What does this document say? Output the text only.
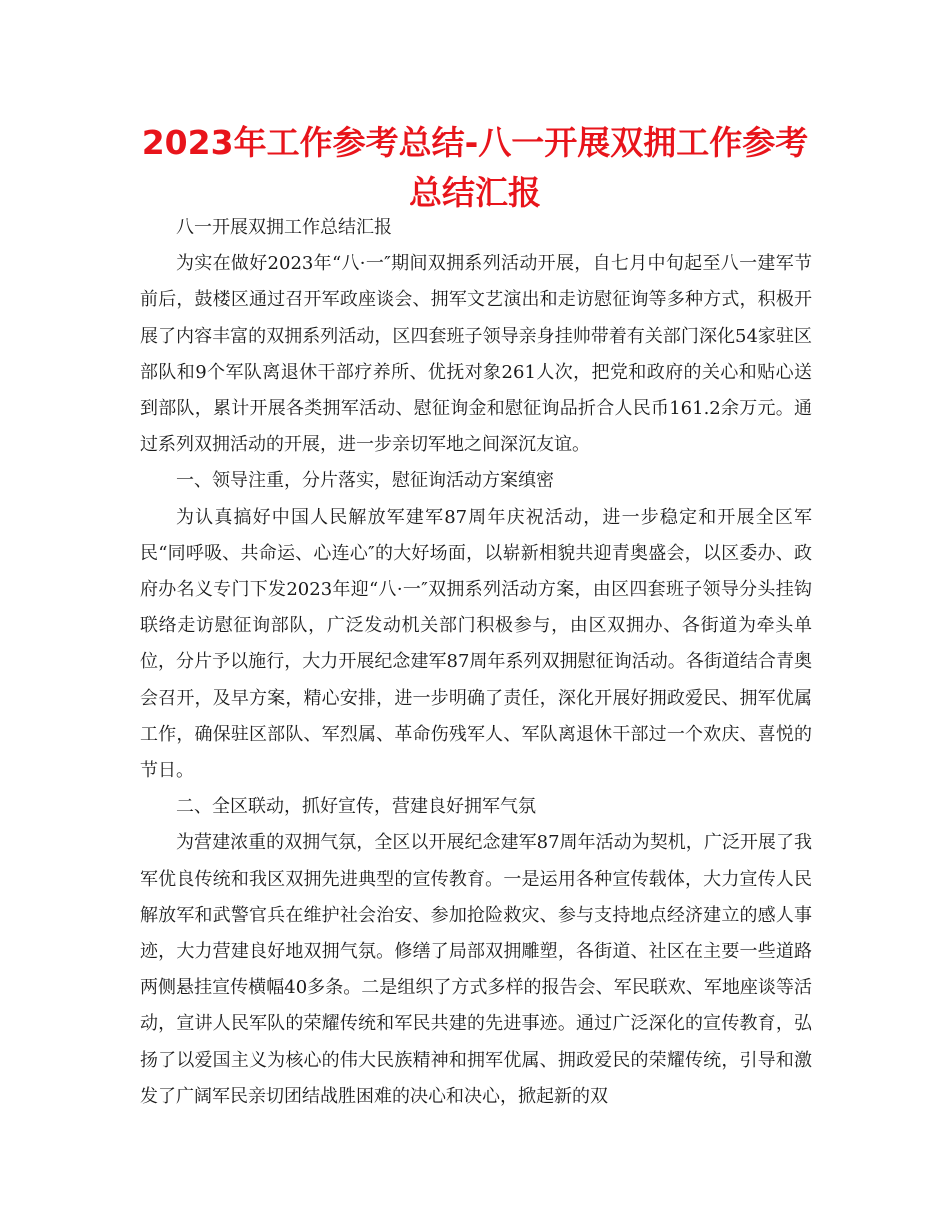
2023年工作参考总结-八一开展双拥工作参考总结汇报

八一开展双拥工作总结汇报

为实在做好2023年“八·一″期间双拥系列活动开展，自七月中旬起至八一建军节前后，鼓楼区通过召开军政座谈会、拥军文艺演出和走访慰征询等多种方式，积极开展了内容丰富的双拥系列活动，区四套班子领导亲身挂帅带着有关部门深化54家驻区部队和9个军队离退休干部疗养所、优抚对象261人次，把党和政府的关心和贴心送到部队，累计开展各类拥军活动、慰征询金和慰征询品折合人民币161.2余万元。通过系列双拥活动的开展，进一步亲切军地之间深沉友谊。

一、领导注重，分片落实，慰征询活动方案缜密

为认真搞好中国人民解放军建军87周年庆祝活动，进一步稳定和开展全区军民“同呼吸、共命运、心连心″的大好场面，以崭新相貌共迎青奥盛会，以区委办、政府办名义专门下发2023年迎“八·一″双拥系列活动方案，由区四套班子领导分头挂钩联络走访慰征询部队，广泛发动机关部门积极参与，由区双拥办、各街道为牵头单位，分片予以施行，大力开展纪念建军87周年系列双拥慰征询活动。各街道结合青奥会召开，及早方案，精心安排，进一步明确了责任，深化开展好拥政爱民、拥军优属工作，确保驻区部队、军烈属、革命伤残军人、军队离退休干部过一个欢庆、喜悦的节日。

二、全区联动，抓好宣传，营建良好拥军气氛

为营建浓重的双拥气氛，全区以开展纪念建军87周年活动为契机，广泛开展了我军优良传统和我区双拥先进典型的宣传教育。一是运用各种宣传载体，大力宣传人民解放军和武警官兵在维护社会治安、参加抢险救灾、参与支持地点经济建立的感人事迹，大力营建良好地双拥气氛。修缮了局部双拥雕塑，各街道、社区在主要一些道路两侧悬挂宣传横幅40多条。二是组织了方式多样的报告会、军民联欢、军地座谈等活动，宣讲人民军队的荣耀传统和军民共建的先进事迹。通过广泛深化的宣传教育，弘扬了以爱国主义为核心的伟大民族精神和拥军优属、拥政爱民的荣耀传统，引导和激发了广阔军民亲切团结战胜困难的决心和决心，掀起新的双
